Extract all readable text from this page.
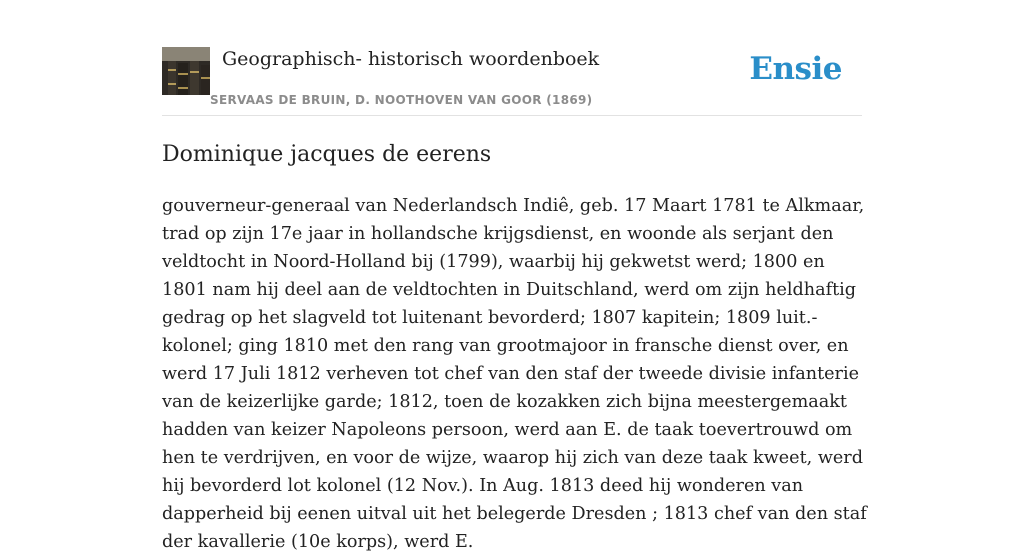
Geographisch- historisch woordenboek
SERVAAS DE BRUIN, D. NOOTHOVEN VAN GOOR (1869)
Ensie
Dominique jacques de eerens

gouverneur-generaal van Nederlandsch Indiê, geb. 17 Maart 1781 te Alkmaar, trad op zijn 17e jaar in hollandsche krijgsdienst, en woonde als serjant den veldtocht in Noord-Holland bij (1799), waarbij hij gekwetst werd; 1800 en 1801 nam hij deel aan de veldtochten in Duitschland, werd om zijn heldhaftig gedrag op het slagveld tot luitenant bevorderd; 1807 kapitein; 1809 luit.-kolonel; ging 1810 met den rang van grootmajoor in fransche dienst over, en werd 17 Juli 1812 verheven tot chef van den staf der tweede divisie infanterie van de keizerlijke garde; 1812, toen de kozakken zich bijna meestergemaakt hadden van keizer Napoleons persoon, werd aan E. de taak toevertrouwd om hen te verdrijven, en voor de wijze, waarop hij zich van deze taak kweet, werd hij bevorderd lot kolonel (12 Nov.). In Aug. 1813 deed hij wonderen van dapperheid bij eenen uitval uit het belegerde Dresden ; 1813 chef van den staf der kavallerie (10e korps), werd E.
